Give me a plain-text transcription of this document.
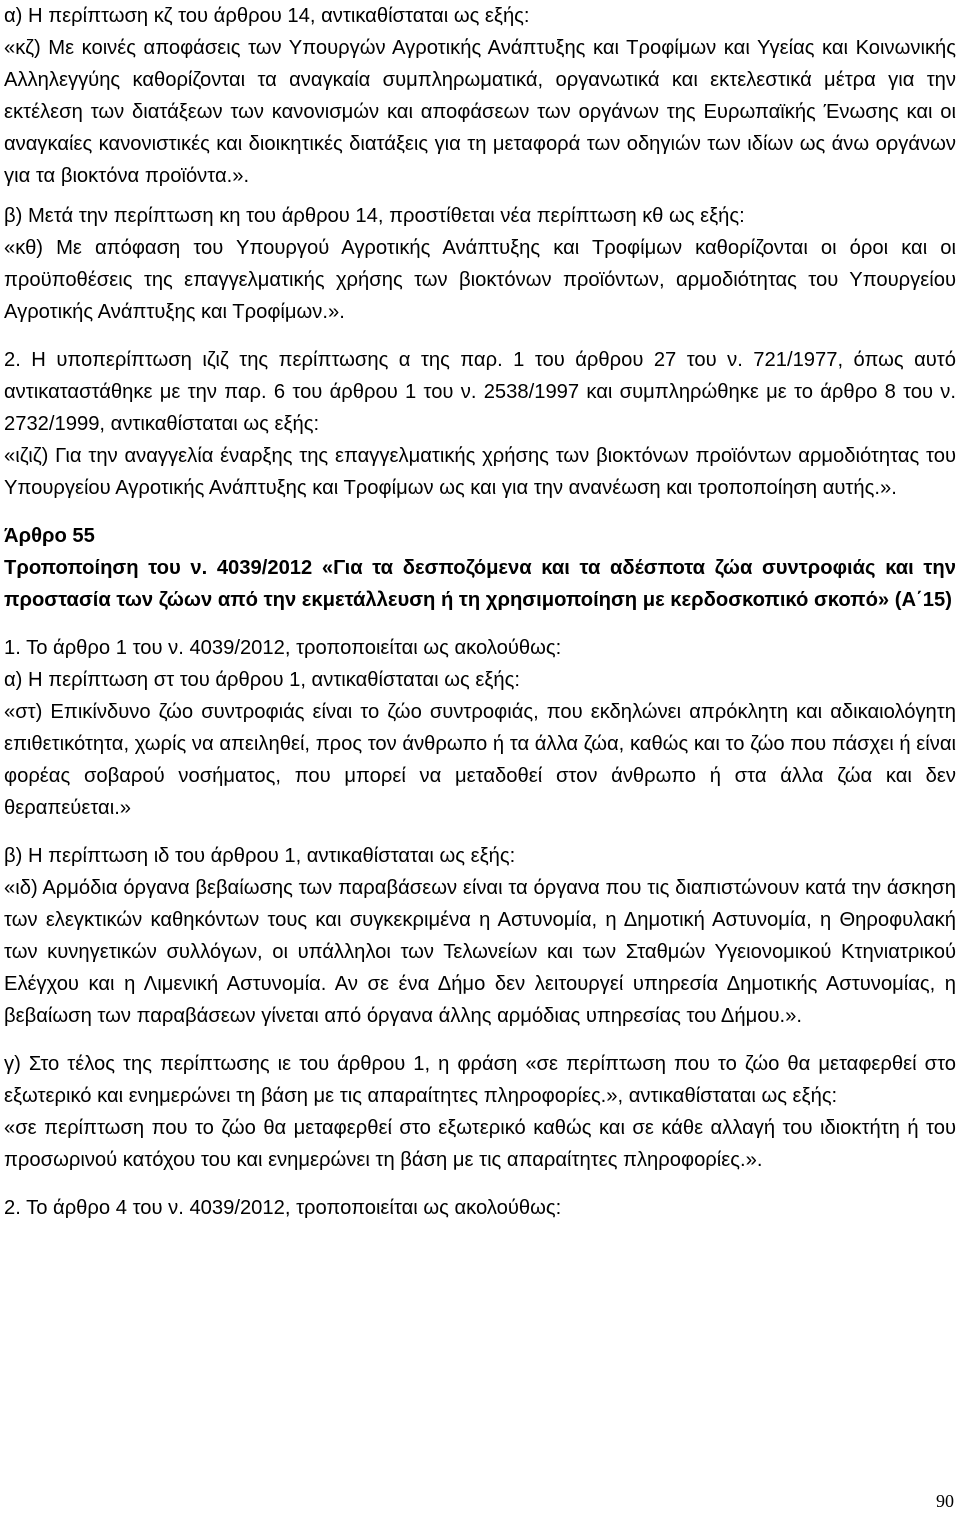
α) Η περίπτωση κζ του άρθρου 14, αντικαθίσταται ως εξής:

«κζ) Με κοινές αποφάσεις των Υπουργών Αγροτικής Ανάπτυξης και Τροφίμων και Υγείας και Κοινωνικής Αλληλεγγύης καθορίζονται τα αναγκαία συμπληρωματικά, οργανωτικά και εκτελεστικά μέτρα για την εκτέλεση των διατάξεων των κανονισμών και αποφάσεων των οργάνων της Ευρωπαϊκής Ένωσης και οι αναγκαίες κανονιστικές και διοικητικές διατάξεις για τη μεταφορά των οδηγιών των ιδίων ως άνω οργάνων για τα βιοκτόνα προϊόντα.».

β) Μετά την περίπτωση κη του άρθρου 14, προστίθεται νέα περίπτωση κθ ως εξής:

«κθ) Με απόφαση του Υπουργού Αγροτικής Ανάπτυξης και Τροφίμων καθορίζονται οι όροι και οι προϋποθέσεις της επαγγελματικής χρήσης των βιοκτόνων προϊόντων, αρμοδιότητας του Υπουργείου Αγροτικής Ανάπτυξης και Τροφίμων.».

2. Η υποπερίπτωση ιζιζ της περίπτωσης α της παρ. 1 του άρθρου 27 του ν. 721/1977, όπως αυτό αντικαταστάθηκε με την παρ. 6 του άρθρου 1 του ν. 2538/1997 και συμπληρώθηκε με το άρθρο 8 του ν. 2732/1999, αντικαθίσταται ως εξής:

«ιζιζ) Για την αναγγελία έναρξης της επαγγελματικής χρήσης των βιοκτόνων προϊόντων αρμοδιότητας του Υπουργείου Αγροτικής Ανάπτυξης και Τροφίμων ως και για την ανανέωση και τροποποίηση αυτής.».

Άρθρο 55

Τροποποίηση του ν. 4039/2012 «Για τα δεσποζόμενα και τα αδέσποτα ζώα συντροφιάς και την προστασία των ζώων από την εκμετάλλευση ή τη χρησιμοποίηση με κερδοσκοπικό σκοπό» (Α΄15)

1. Το άρθρο 1 του ν. 4039/2012, τροποποιείται ως ακολούθως:

α) Η περίπτωση στ του άρθρου 1, αντικαθίσταται ως εξής:

«στ) Επικίνδυνο ζώο συντροφιάς είναι το ζώο συντροφιάς, που εκδηλώνει απρόκλητη και αδικαιολόγητη επιθετικότητα, χωρίς να απειληθεί, προς τον άνθρωπο ή τα άλλα ζώα, καθώς και το ζώο που πάσχει ή είναι φορέας σοβαρού νοσήματος, που μπορεί να μεταδοθεί στον άνθρωπο ή στα άλλα ζώα και δεν θεραπεύεται.»

β) Η περίπτωση ιδ του άρθρου 1, αντικαθίσταται ως εξής:

«ιδ) Αρμόδια όργανα βεβαίωσης των παραβάσεων είναι τα όργανα που τις διαπιστώνουν κατά την άσκηση των ελεγκτικών καθηκόντων τους και συγκεκριμένα η Αστυνομία, η Δημοτική Αστυνομία, η Θηροφυλακή των κυνηγετικών συλλόγων, οι υπάλληλοι των Τελωνείων και των Σταθμών Υγειονομικού Κτηνιατρικού Ελέγχου και η Λιμενική Αστυνομία. Αν σε ένα Δήμο δεν λειτουργεί υπηρεσία Δημοτικής Αστυνομίας, η βεβαίωση των παραβάσεων γίνεται από όργανα άλλης αρμόδιας υπηρεσίας του Δήμου.».

γ) Στο τέλος της περίπτωσης ιε του άρθρου 1, η φράση «σε περίπτωση που το ζώο θα μεταφερθεί στο εξωτερικό και ενημερώνει τη βάση με τις απαραίτητες πληροφορίες.», αντικαθίσταται ως εξής:

«σε περίπτωση που το ζώο θα μεταφερθεί στο εξωτερικό καθώς και σε κάθε αλλαγή του ιδιοκτήτη ή του προσωρινού κατόχου του και ενημερώνει τη βάση με τις απαραίτητες πληροφορίες.».

2. Το άρθρο 4 του ν. 4039/2012, τροποποιείται ως ακολούθως:

90
